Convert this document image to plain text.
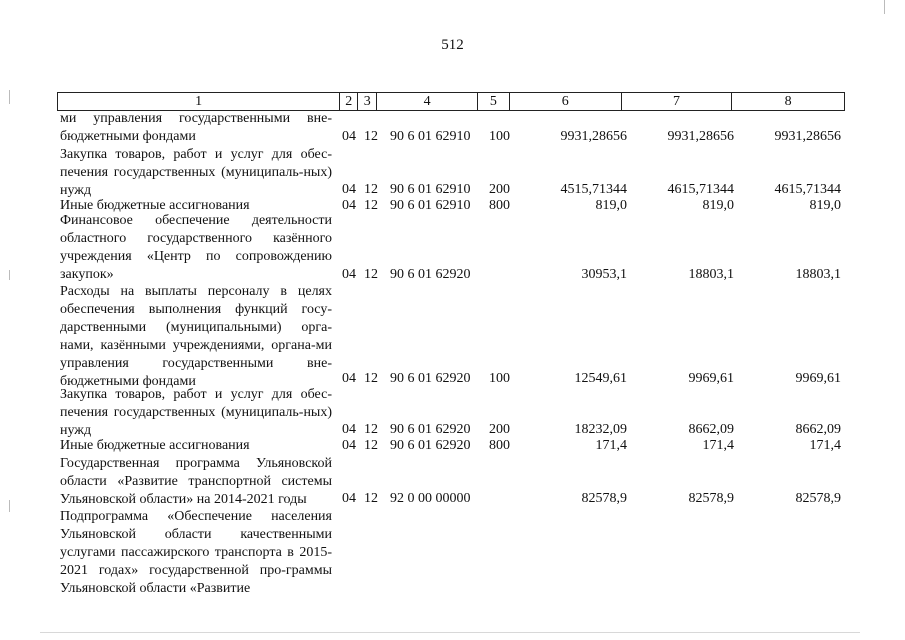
512
1	2 3	4	5	6	7	8
ми управления государственными вне-бюджетными фондами	04 12 90 6 01 62910 100	9931,28656	9931,28656	9931,28656
Закупка товаров, работ и услуг для обес-печения государственных (муниципаль-ных) нужд	04 12 90 6 01 62910 200	4515,71344	4615,71344	4615,71344
Иные бюджетные ассигнования	04 12 90 6 01 62910 800	819,0	819,0	819,0
Финансовое обеспечение деятельности областного государственного казённого учреждения «Центр по сопровождению закупок»	04 12 90 6 01 62920	30953,1	18803,1	18803,1
Расходы на выплаты персоналу в целях обеспечения выполнения функций госу-дарственными (муниципальными) орга-нами, казёнными учреждениями, органа-ми управления государственными вне-бюджетными фондами	04 12 90 6 01 62920 100	12549,61	9969,61	9969,61
Закупка товаров, работ и услуг для обес-печения государственных (муниципаль-ных) нужд	04 12 90 6 01 62920 200	18232,09	8662,09	8662,09
Иные бюджетные ассигнования	04 12 90 6 01 62920 800	171,4	171,4	171,4
Государственная программа Ульяновской области «Развитие транспортной системы Ульяновской области» на 2014-2021 годы	04 12 92 0 00 00000	82578,9	82578,9	82578,9
Подпрограмма «Обеспечение населения Ульяновской области качественными услугами пассажирского транспорта в 2015-2021 годах» государственной про-граммы Ульяновской области «Развитие
